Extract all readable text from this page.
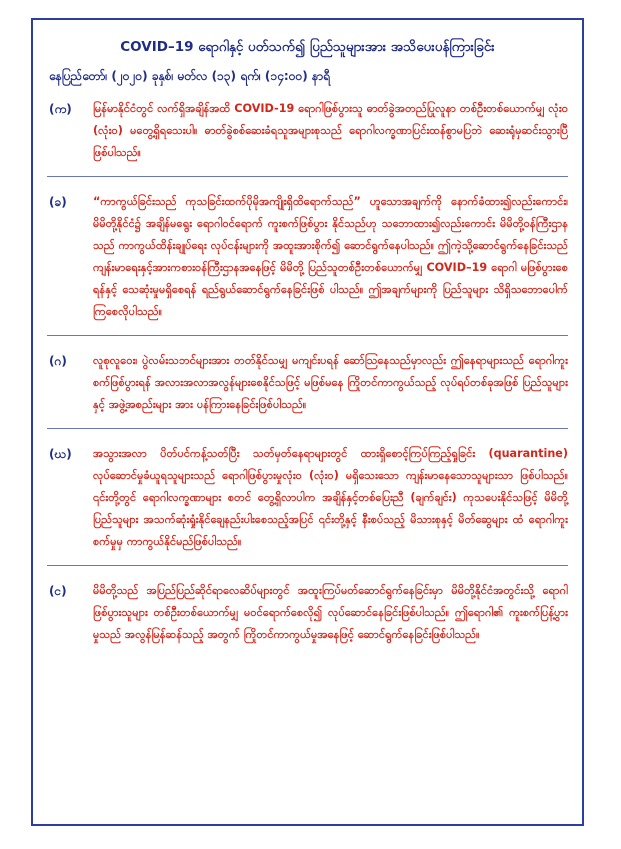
COVID–19 ရောဂါနှင့် ပတ်သက်၍ ပြည်သူများအား အသိပေးပန်ကြားခြင်း
နေပြည်တော်၊ (၂၀၂၀) ခုနှစ်၊ မတ်လ (၁၃) ရက်၊ (၁၄:၀၀) နာရီ
(က)	မြန်မာနိုင်ငံတွင် လက်ရှိအချိန်အထိ COVID-19 ရောဂါဖြစ်ပွားသူ ဓာတ်ခွဲအတည်ပြုလူနာ တစ်ဦးတစ်ယောက်မျှ လုံး၀ (လုံး၀) မတွေ့ရှိရသေးပါ။ ဓာတ်ခွဲစစ်ဆေးခံရသူအများစုသည် ရောဂါလက္ခဏာပြင်းထန်စွာမပြဘဲ ဆေးရုံမှဆင်းသွားပြီဖြစ်ပါသည်။
(ခ)	“ကာကွယ်ခြင်းသည် ကုသခြင်းထက်ပိုမိုအကျိုးရှိထိရောက်သည်” ဟူသောအချက်ကို နောက်ခံထား၍လည်းကောင်း၊ မိမိတို့နိုင်ငံ၌ အချိန်မရွေး ရောဂါဝင်ရောက် ကူးစက်ဖြစ်ပွား နိုင်သည်ဟု သဘောထား၍လည်းကောင်း မိမိတို့ဝန်ကြီးဌာနသည် ကာကွယ်ထိန်းချုပ်ရေး လုပ်ငန်းများကို အထူးအားစိုက်၍ ဆောင်ရွက်နေပါသည်။ ဤကဲ့သို့ဆောင်ရွက်နေခြင်းသည် ကျန်းမာရေးနှင့်အားကစားဝန်ကြီးဌာနအနေဖြင့် မိမိတို့ ပြည်သူတစ်ဦးတစ်ယောက်မျှ COVID–19 ရောဂါ မဖြစ်ပွားစေရန်နှင့် သေဆုံးမှုမရှိစေရန် ရည်ရွယ်ဆောင်ရွက်နေခြင်းဖြစ် ပါသည်။ ဤအချက်များကို ပြည်သူများ သိရှိသဘောပေါက်ကြစေလိုပါသည်။
(ဂ)	လူစုလူဝေး၊ ပွဲလမ်းသဘင်များအား တတ်နိုင်သမျှ မကျင်းပရန် ဆော်သြနေသည်မှာလည်း ဤနေရာများသည် ရောဂါကူးစက်ဖြစ်ပွားရန် အလားအလာအလွန်များစေနိုင်သဖြင့် မဖြစ်မနေ ကြိုတင်ကာကွယ်သည့် လုပ်ရပ်တစ်ခုအဖြစ် ပြည်သူများနှင့် အဖွဲ့အစည်းများ အား ပန်ကြားနေခြင်းဖြစ်ပါသည်။
(ဃ)	အသွားအလာ ပိတ်ပင်ကန့်သတ်ပြီး သတ်မှတ်နေရာများတွင် ထားရှိစောင့်ကြပ်ကြည့်ရှုခြင်း (quarantine) လုပ်ဆောင်မှုခံယူရသူများသည် ရောဂါဖြစ်ပွားမှုလုံး၀ (လုံး၀) မရှိသေးသော ကျန်းမာနေသောသူများသာ ဖြစ်ပါသည်။ ၎င်းတို့တွင် ရောဂါလက္ခဏာများ စတင် တွေ့ရှိလာပါက အချိန်နှင့်တစ်ပြေးညီ (ချက်ချင်း) ကုသပေးနိုင်သဖြင့် မိမိတို့ ပြည်သူများ အသက်ဆုံးရှုံးနိုင်ချေနည်းပါးစေသည့်အပြင် ၎င်းတို့နှင့် နီးစပ်သည့် မိသားစုနှင့် မိတ်ဆွေများ ထံ ရောဂါကူးစက်မှုမှ ကာကွယ်နိုင်မည်ဖြစ်ပါသည်။
(င)	မိမိတို့သည် အပြည်ပြည်ဆိုင်ရာလေဆိပ်များတွင် အထူးကြပ်မတ်ဆောင်ရွက်နေခြင်းမှာ မိမိတို့နိုင်ငံအတွင်းသို့ ရောဂါဖြစ်ပွားသူများ တစ်ဦးတစ်ယောက်မျှ မဝင်ရောက်စေလို၍ လုပ်ဆောင်နေခြင်းဖြစ်ပါသည်။ ဤရောဂါ၏ ကူးစက်ပြန့်ပွားမှုသည် အလွန်မြန်ဆန်သည့် အတွက် ကြိုတင်ကာကွယ်မှုအနေဖြင့် ဆောင်ရွက်နေခြင်းဖြစ်ပါသည်။
